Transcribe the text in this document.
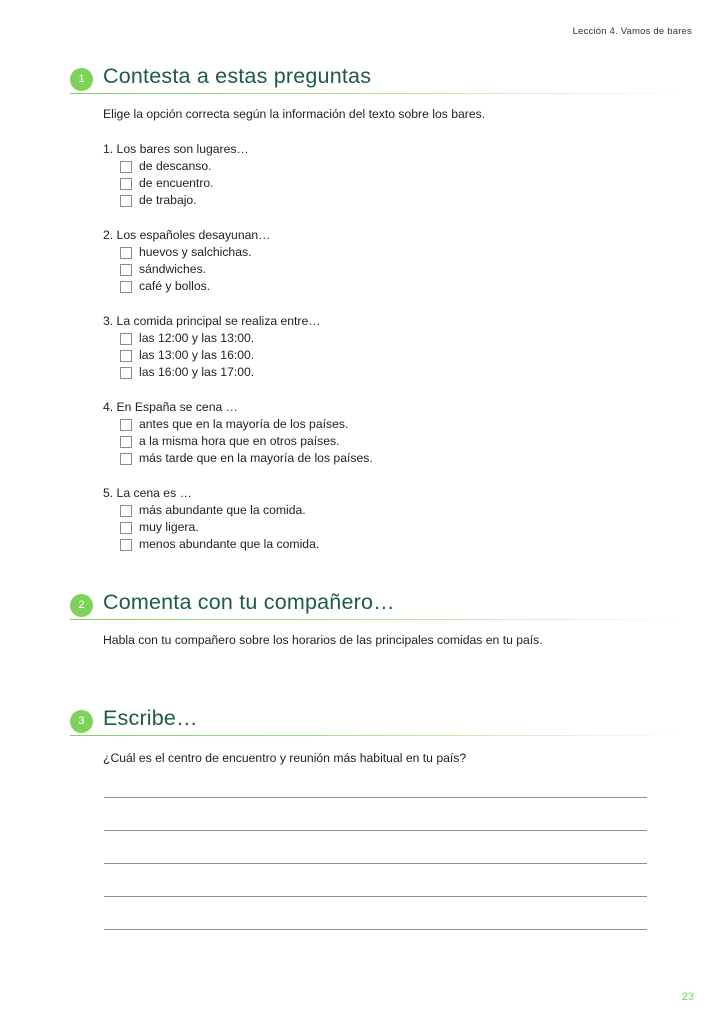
Lección 4. Vamos de bares
1 Contesta a estas preguntas
Elige la opción correcta según la información del texto sobre los bares.
1. Los bares son lugares…
de descanso.
de encuentro.
de trabajo.
2. Los españoles desayunan…
huevos y salchichas.
sándwiches.
café y bollos.
3. La comida principal se realiza entre…
las 12:00 y las 13:00.
las 13:00 y las 16:00.
las 16:00 y las 17:00.
4. En España se cena …
antes que en la mayoría de los países.
a la misma hora que en otros países.
más tarde que en la mayoría de los países.
5. La cena es …
más abundante que la comida.
muy ligera.
menos abundante que la comida.
2 Comenta con tu compañero…
Habla con tu compañero sobre los horarios de las principales comidas en tu país.
3 Escribe…
¿Cuál es el centro de encuentro y reunión más habitual en tu país?
23
